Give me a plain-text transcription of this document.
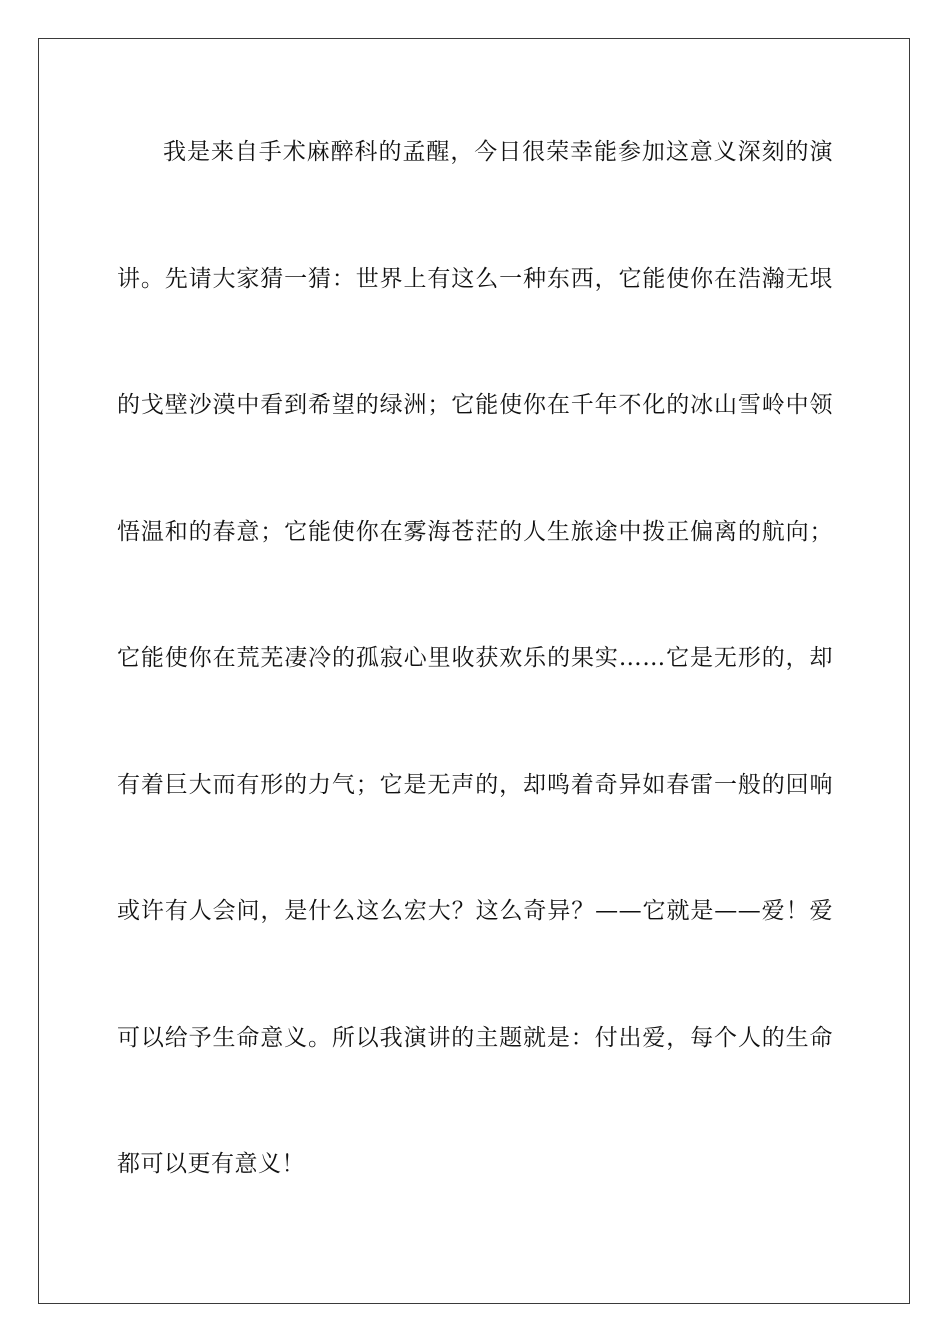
我是来自手术麻醉科的孟醒，今日很荣幸能参加这意义深刻的演
讲。先请大家猜一猜：世界上有这么一种东西，它能使你在浩瀚无垠
的戈壁沙漠中看到希望的绿洲；它能使你在千年不化的冰山雪岭中领
悟温和的春意；它能使你在雾海苍茫的人生旅途中拨正偏离的航向；
它能使你在荒芜凄冷的孤寂心里收获欢乐的果实……它是无形的，却
有着巨大而有形的力气；它是无声的，却鸣着奇异如春雷一般的回响
或许有人会问，是什么这么宏大？这么奇异？——它就是——爱！爱
可以给予生命意义。所以我演讲的主题就是：付出爱，每个人的生命
都可以更有意义！
